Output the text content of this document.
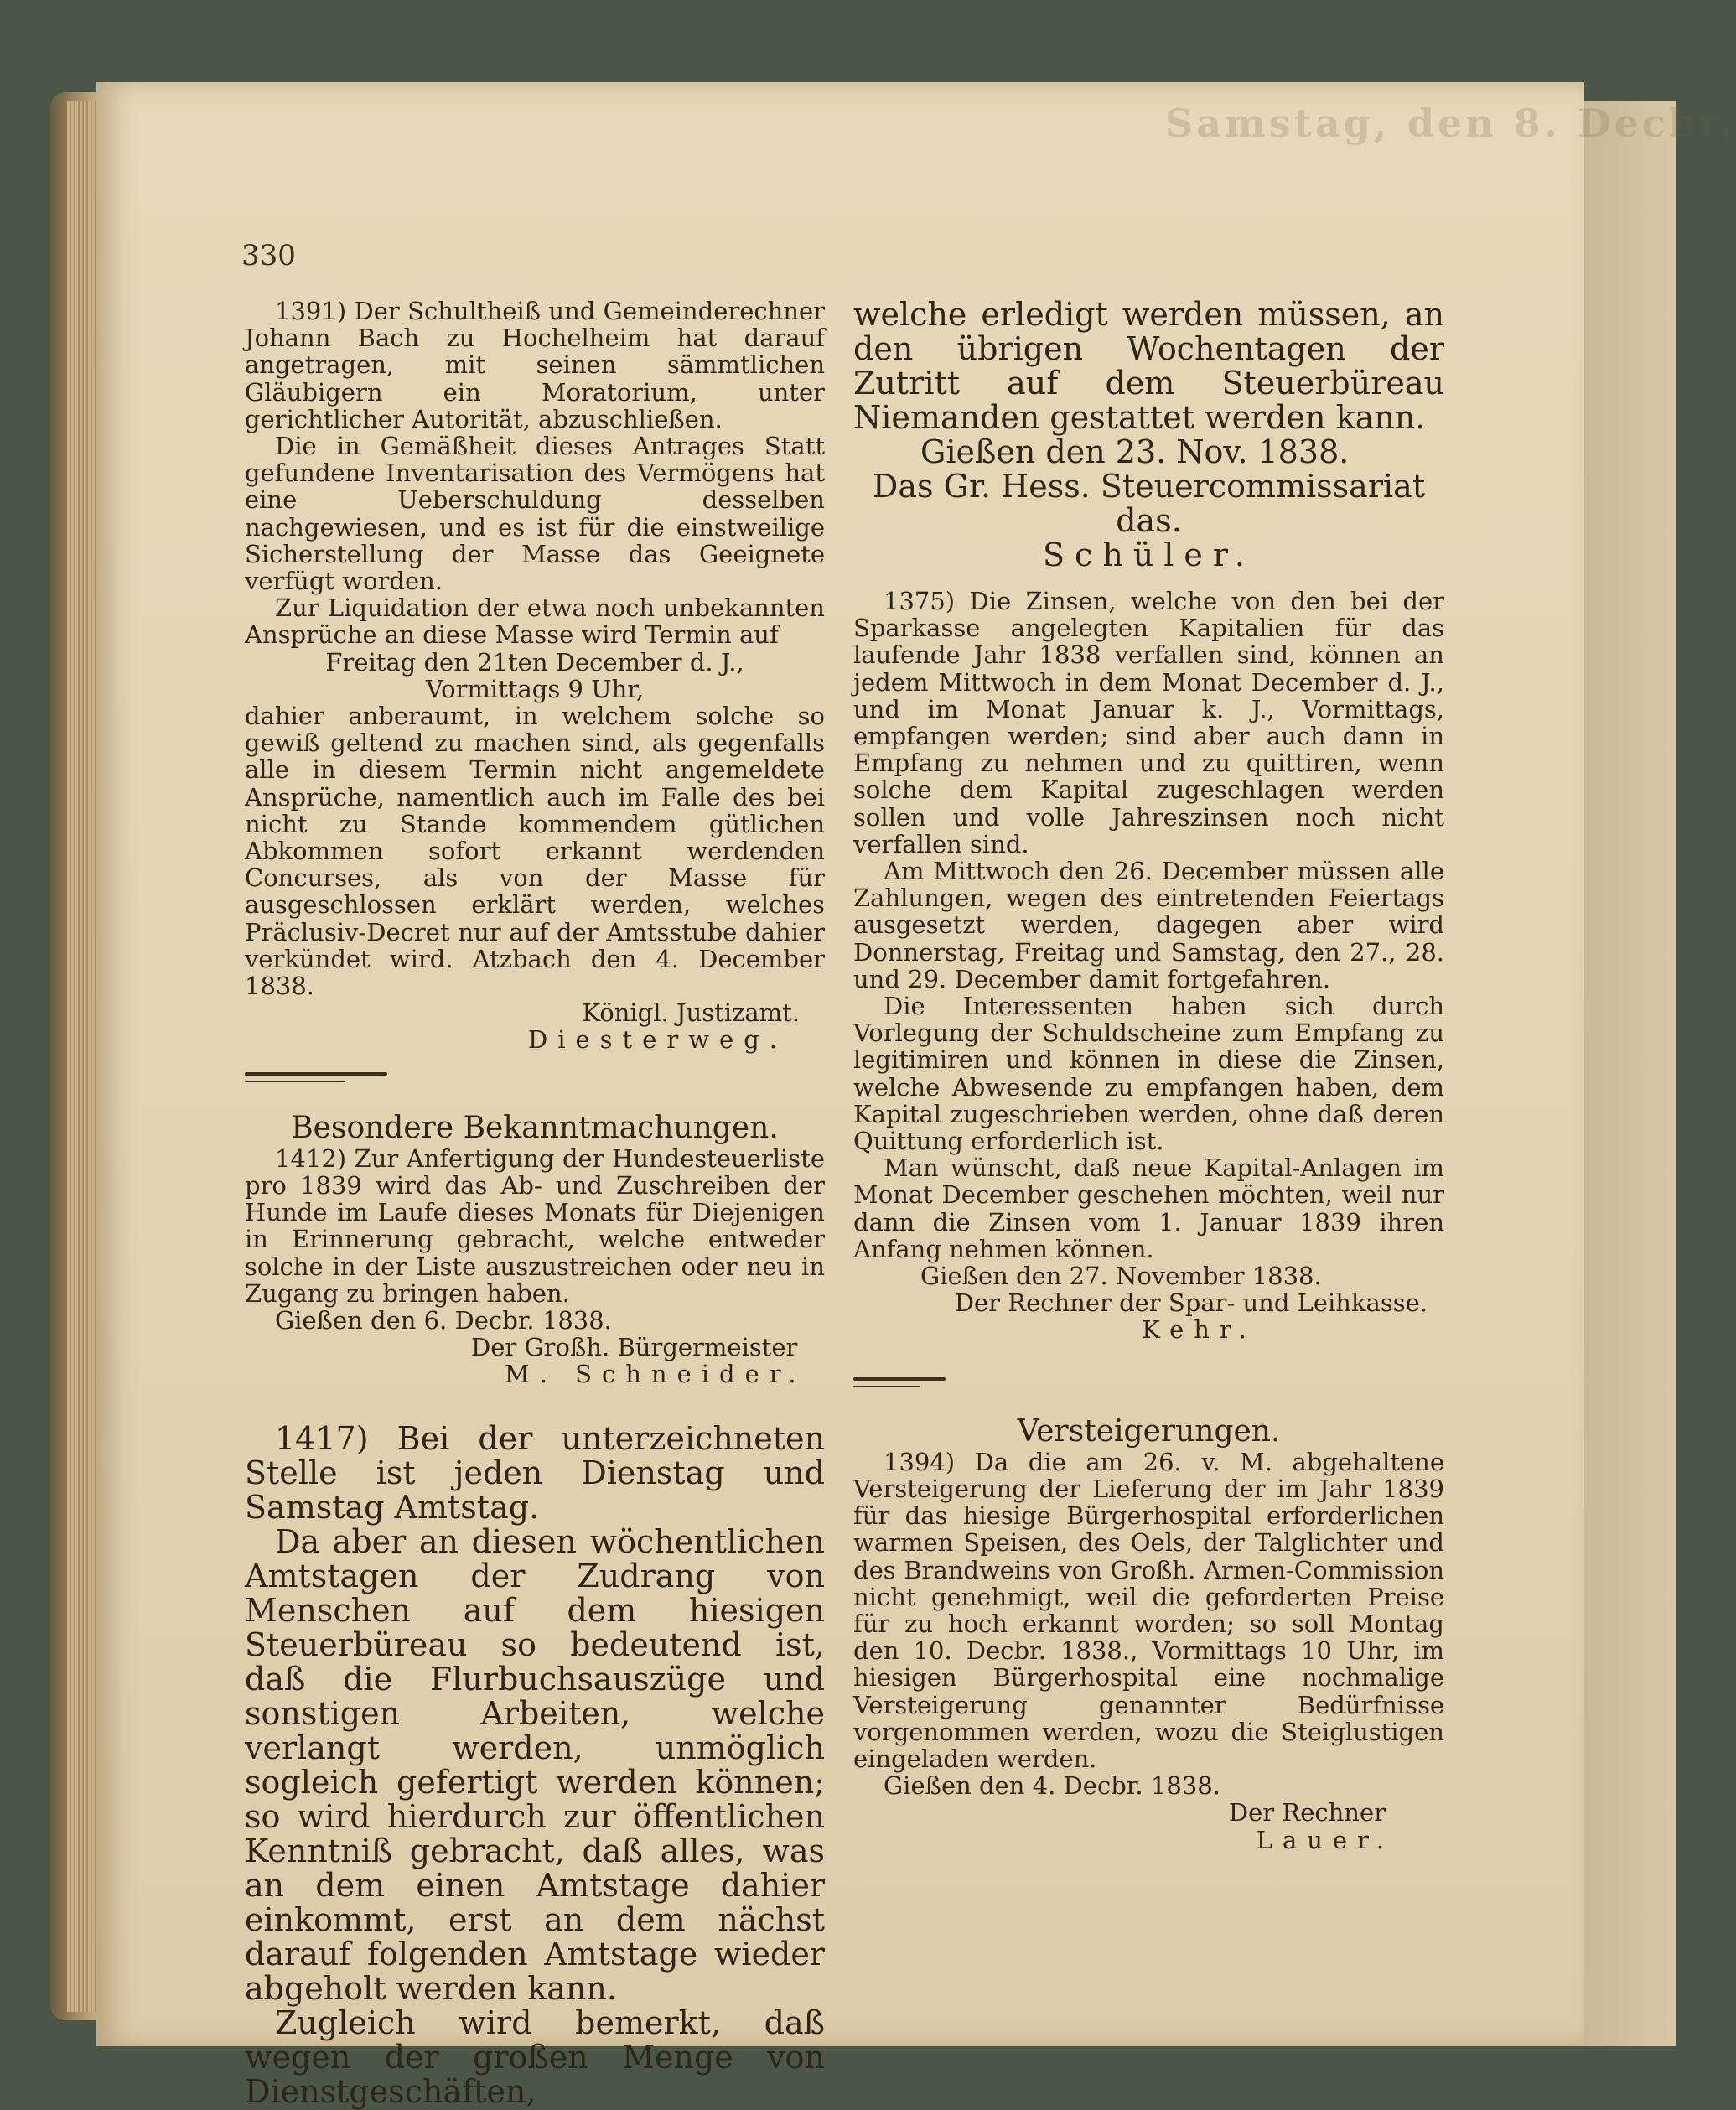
Samstag, den 8. Decbr.
330

1391) Der Schultheiß und Gemeinderechner Johann Bach zu Hochelheim hat darauf angetragen, mit seinen sämmtlichen Gläubigern ein Moratorium, unter gerichtlicher Autorität, abzuschließen.

Die in Gemäßheit dieses Antrages Statt gefundene Inventarisation des Vermögens hat eine Ueberschuldung desselben nachgewiesen, und es ist für die einstweilige Sicherstellung der Masse das Geeignete verfügt worden.

Zur Liquidation der etwa noch unbekannten Ansprüche an diese Masse wird Termin auf

Freitag den 21ten December d. J.,

Vormittags 9 Uhr,

dahier anberaumt, in welchem solche so gewiß geltend zu machen sind, als gegenfalls alle in diesem Termin nicht angemeldete Ansprüche, namentlich auch im Falle des bei nicht zu Stande kommendem gütlichen Abkommen sofort erkannt werdenden Concurses, als von der Masse für ausgeschlossen erklärt werden, welches Präclusiv-Decret nur auf der Amtsstube dahier verkündet wird. Atzbach den 4. December 1838.

Königl. Justizamt.

Diesterweg.

Besondere Bekanntmachungen.

1412) Zur Anfertigung der Hundesteuerliste pro 1839 wird das Ab- und Zuschreiben der Hunde im Laufe dieses Monats für Diejenigen in Erinnerung gebracht, welche entweder solche in der Liste auszustreichen oder neu in Zugang zu bringen haben.

Gießen den 6. Decbr. 1838.

Der Großh. Bürgermeister

M. Schneider.

1417) Bei der unterzeichneten Stelle ist jeden Dienstag und Samstag Amtstag.

Da aber an diesen wöchentlichen Amtstagen der Zudrang von Menschen auf dem hiesigen Steuerbüreau so bedeutend ist, daß die Flurbuchsauszüge und sonstigen Arbeiten, welche verlangt werden, unmöglich sogleich gefertigt werden können; so wird hierdurch zur öffentlichen Kenntniß gebracht, daß alles, was an dem einen Amtstage dahier einkommt, erst an dem nächst darauf folgenden Amtstage wieder abgeholt werden kann.

Zugleich wird bemerkt, daß wegen der großen Menge von Dienstgeschäften,

welche erledigt werden müssen, an den übrigen Wochentagen der Zutritt auf dem Steuerbüreau Niemanden gestattet werden kann.

Gießen den 23. Nov. 1838.

Das Gr. Hess. Steuercommissariat das.

Schüler.

1375) Die Zinsen, welche von den bei der Sparkasse angelegten Kapitalien für das laufende Jahr 1838 verfallen sind, können an jedem Mittwoch in dem Monat December d. J., und im Monat Januar k. J., Vormittags, empfangen werden; sind aber auch dann in Empfang zu nehmen und zu quittiren, wenn solche dem Kapital zugeschlagen werden sollen und volle Jahreszinsen noch nicht verfallen sind.

Am Mittwoch den 26. December müssen alle Zahlungen, wegen des eintretenden Feiertags ausgesetzt werden, dagegen aber wird Donnerstag, Freitag und Samstag, den 27., 28. und 29. December damit fortgefahren.

Die Interessenten haben sich durch Vorlegung der Schuldscheine zum Empfang zu legitimiren und können in diese die Zinsen, welche Abwesende zu empfangen haben, dem Kapital zugeschrieben werden, ohne daß deren Quittung erforderlich ist.

Man wünscht, daß neue Kapital-Anlagen im Monat December geschehen möchten, weil nur dann die Zinsen vom 1. Januar 1839 ihren Anfang nehmen können.

Gießen den 27. November 1838.

Der Rechner der Spar- und Leihkasse.

Kehr.

Versteigerungen.

1394) Da die am 26. v. M. abgehaltene Versteigerung der Lieferung der im Jahr 1839 für das hiesige Bürgerhospital erforderlichen warmen Speisen, des Oels, der Talglichter und des Brandweins von Großh. Armen-Commission nicht genehmigt, weil die geforderten Preise für zu hoch erkannt worden; so soll Montag den 10. Decbr. 1838., Vormittags 10 Uhr, im hiesigen Bürgerhospital eine nochmalige Versteigerung genannter Bedürfnisse vorgenommen werden, wozu die Steiglustigen eingeladen werden.

Gießen den 4. Decbr. 1838.

Der Rechner

Lauer.
